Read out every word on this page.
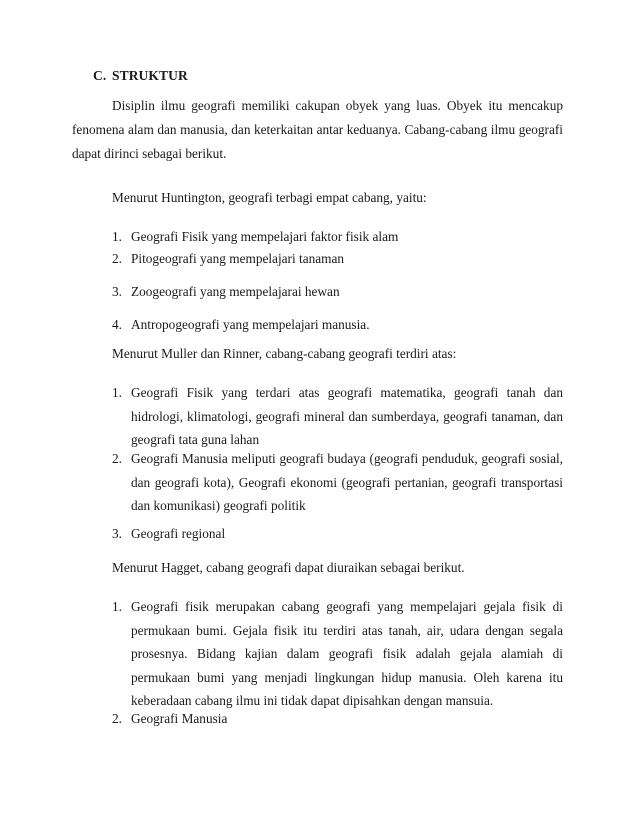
C. STRUKTUR
Disiplin ilmu geografi memiliki cakupan obyek yang luas. Obyek itu mencakup fenomena alam dan manusia, dan keterkaitan antar keduanya. Cabang-cabang ilmu geografi dapat dirinci sebagai berikut.
Menurut Huntington, geografi terbagi empat cabang, yaitu:
1. Geografi Fisik yang mempelajari faktor fisik alam
2. Pitogeografi yang mempelajari tanaman
3. Zoogeografi yang mempelajarai hewan
4. Antropogeografi yang mempelajari manusia.
Menurut Muller dan Rinner, cabang-cabang geografi terdiri atas:
1. Geografi Fisik yang terdari atas geografi matematika, geografi tanah dan hidrologi, klimatologi, geografi mineral dan sumberdaya, geografi tanaman, dan geografi tata guna lahan
2. Geografi Manusia meliputi geografi budaya (geografi penduduk, geografi sosial, dan geografi kota), Geografi ekonomi (geografi pertanian, geografi transportasi dan komunikasi) geografi politik
3. Geografi regional
Menurut Hagget, cabang geografi dapat diuraikan sebagai berikut.
1. Geografi fisik merupakan cabang geografi yang mempelajari gejala fisik di permukaan bumi. Gejala fisik itu terdiri atas tanah, air, udara dengan segala prosesnya. Bidang kajian dalam geografi fisik adalah gejala alamiah di permukaan bumi yang menjadi lingkungan hidup manusia. Oleh karena itu keberadaan cabang ilmu ini tidak dapat dipisahkan dengan mansuia.
2. Geografi Manusia
